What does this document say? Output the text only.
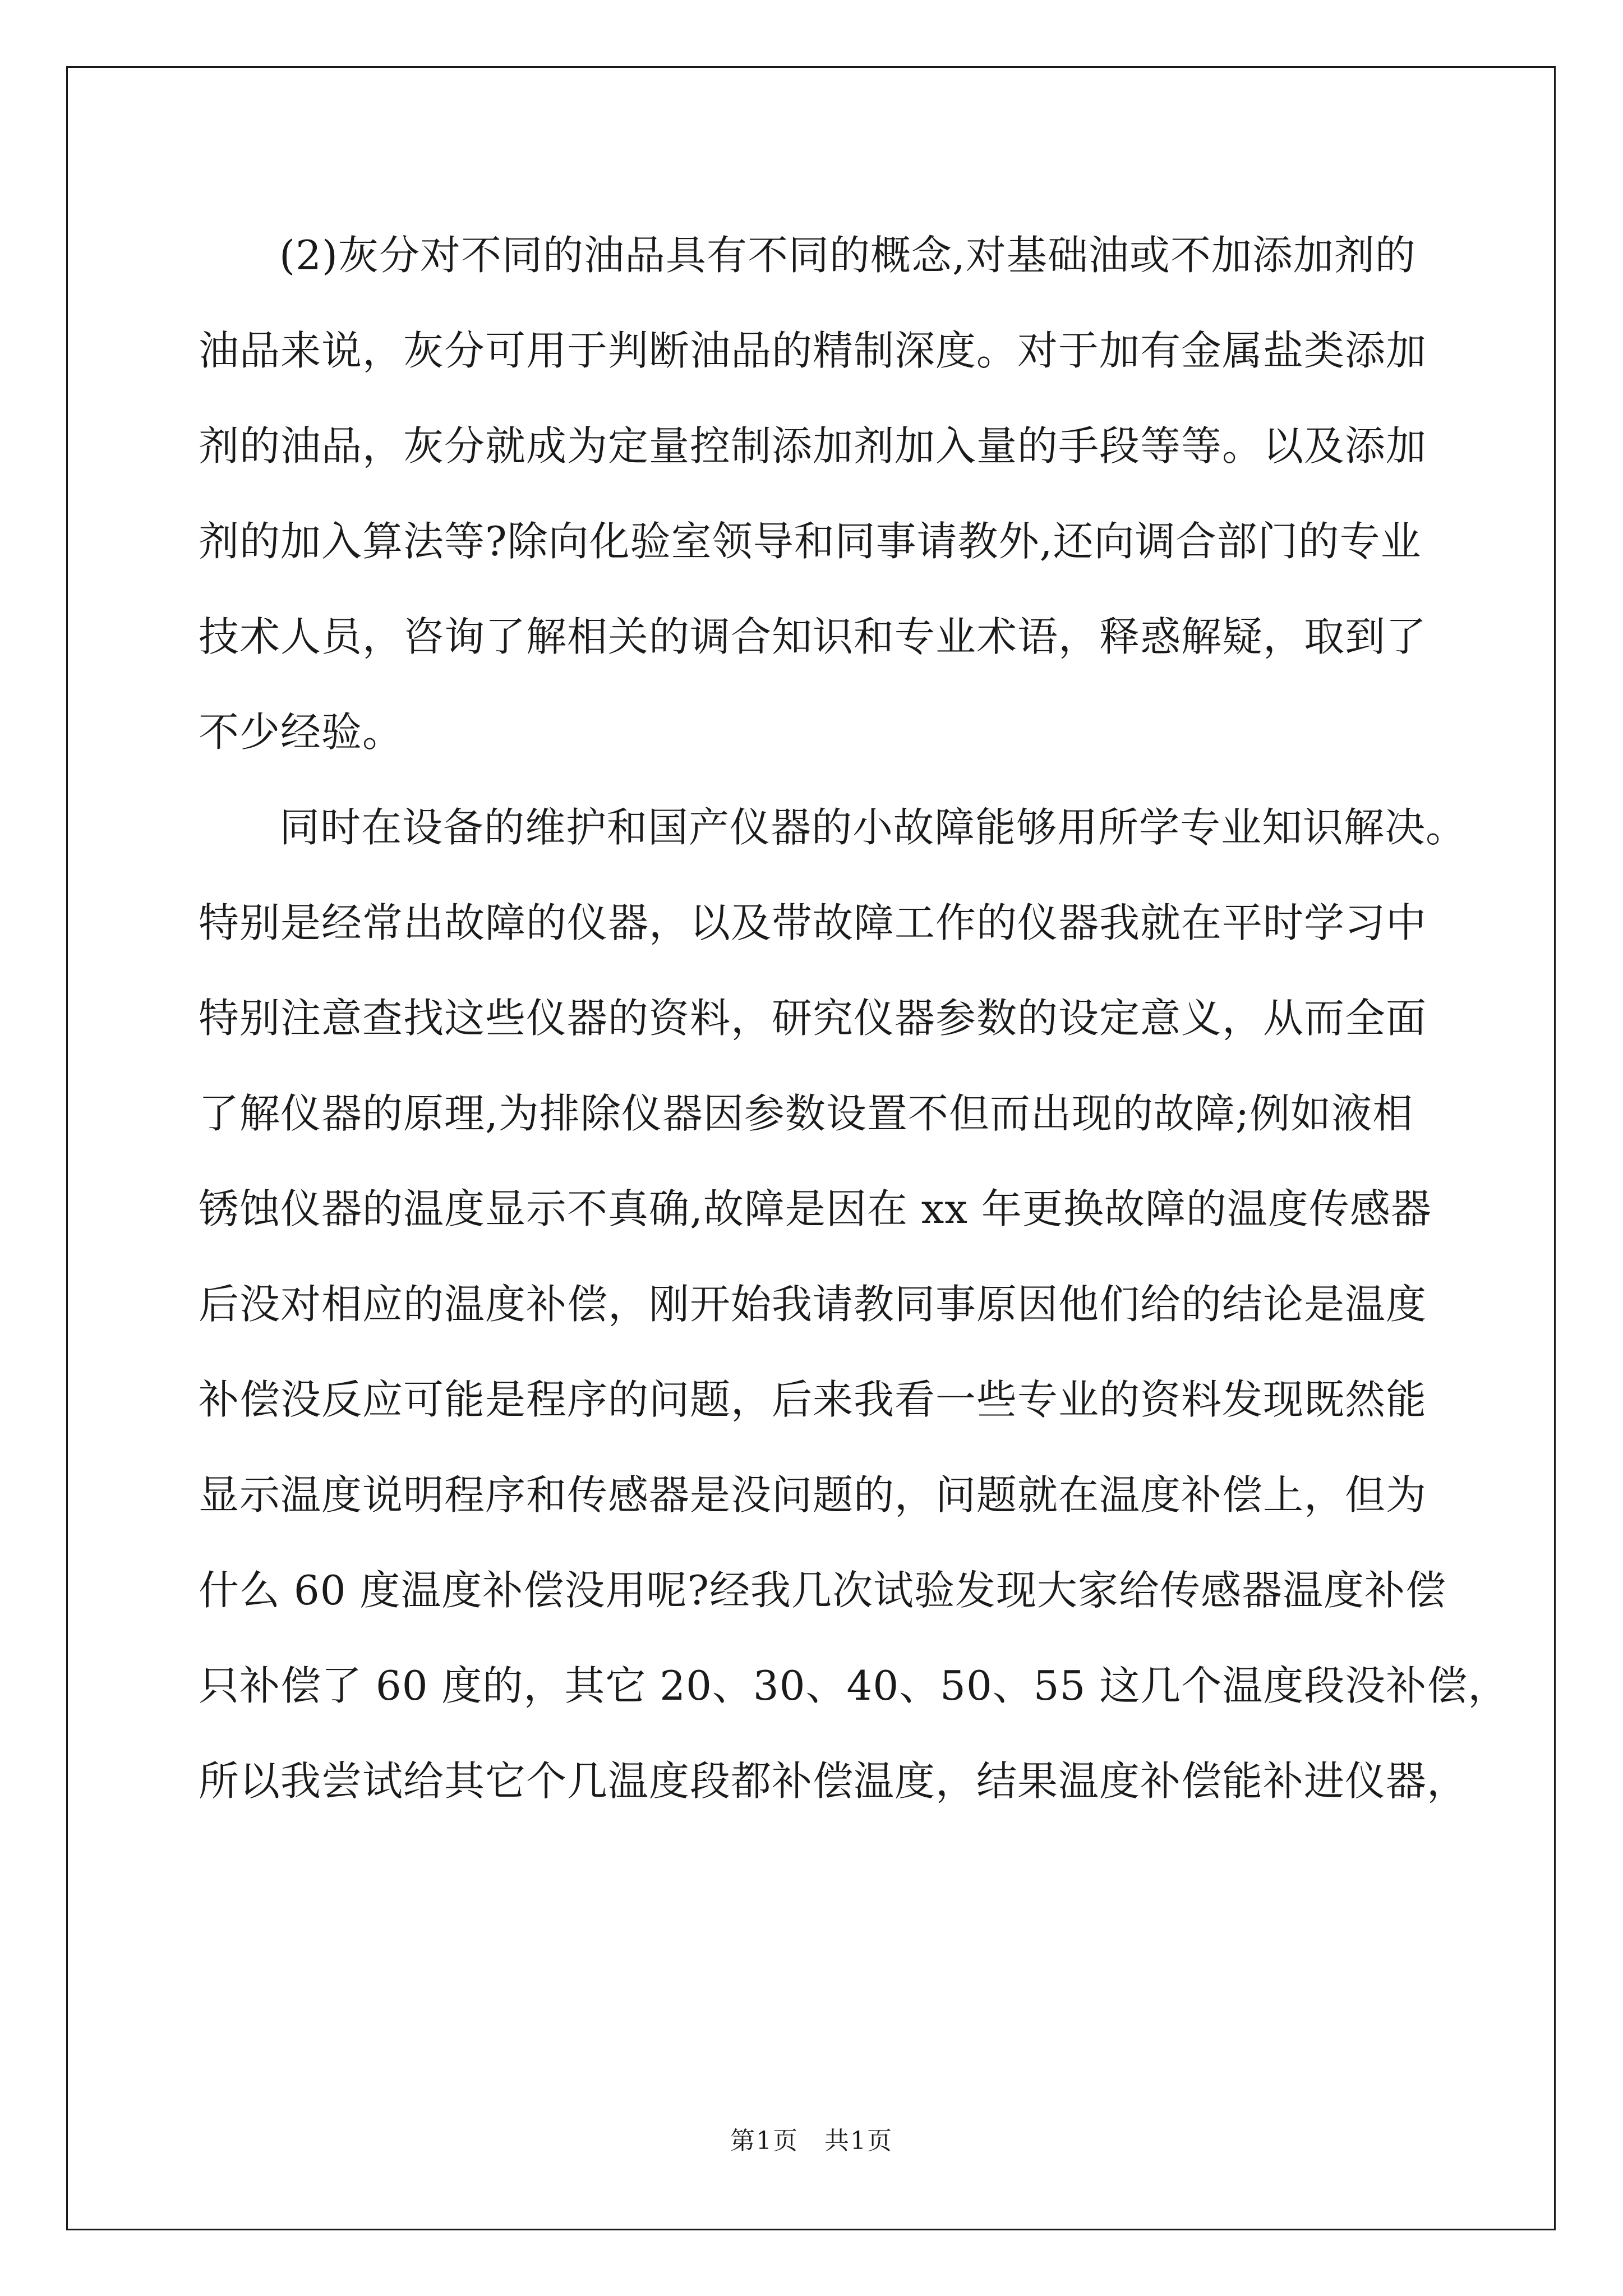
(2)灰分对不同的油品具有不同的概念,对基础油或不加添加剂的
油品来说，灰分可用于判断油品的精制深度。对于加有金属盐类添加
剂的油品，灰分就成为定量控制添加剂加入量的手段等等。以及添加
剂的加入算法等?除向化验室领导和同事请教外,还向调合部门的专业
技术人员，咨询了解相关的调合知识和专业术语，释惑解疑，取到了
不少经验。

同时在设备的维护和国产仪器的小故障能够用所学专业知识解决。
特别是经常出故障的仪器，以及带故障工作的仪器我就在平时学习中
特别注意查找这些仪器的资料，研究仪器参数的设定意义，从而全面
了解仪器的原理,为排除仪器因参数设置不但而出现的故障;例如液相
锈蚀仪器的温度显示不真确,故障是因在 xx 年更换故障的温度传感器
后没对相应的温度补偿，刚开始我请教同事原因他们给的结论是温度
补偿没反应可能是程序的问题，后来我看一些专业的资料发现既然能
显示温度说明程序和传感器是没问题的，问题就在温度补偿上，但为
什么 60 度温度补偿没用呢?经我几次试验发现大家给传感器温度补偿
只补偿了 60 度的，其它 20、30、40、50、55 这几个温度段没补偿，
所以我尝试给其它个几温度段都补偿温度，结果温度补偿能补进仪器，

第1页　共1页
